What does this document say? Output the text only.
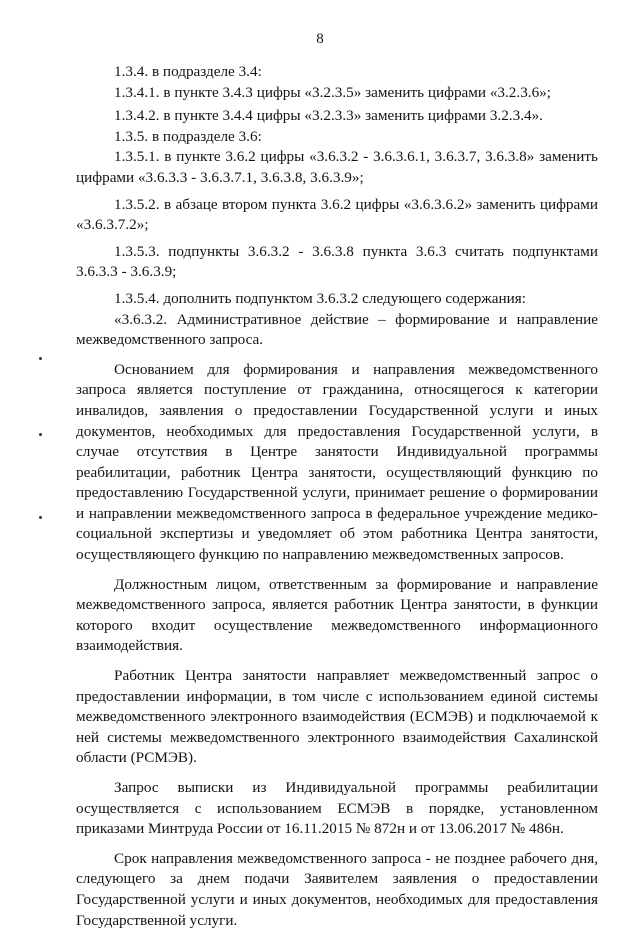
8

1.3.4. в подразделе 3.4:

1.3.4.1. в пункте 3.4.3 цифры «3.2.3.5» заменить цифрами «3.2.3.6»;

1.3.4.2. в пункте 3.4.4 цифры «3.2.3.3» заменить цифрами 3.2.3.4».

1.3.5. в подразделе 3.6:

1.3.5.1. в пункте 3.6.2 цифры «3.6.3.2 - 3.6.3.6.1, 3.6.3.7, 3.6.3.8» заменить цифрами «3.6.3.3 - 3.6.3.7.1, 3.6.3.8, 3.6.3.9»;

1.3.5.2. в абзаце втором пункта 3.6.2 цифры «3.6.3.6.2» заменить цифрами «3.6.3.7.2»;

1.3.5.3. подпункты 3.6.3.2 - 3.6.3.8 пункта 3.6.3 считать подпунктами 3.6.3.3 - 3.6.3.9;

1.3.5.4. дополнить подпунктом 3.6.3.2 следующего содержания:

«3.6.3.2. Административное действие – формирование и направление межведомственного запроса.

Основанием для формирования и направления межведомственного запроса является поступление от гражданина, относящегося к категории инвалидов, заявления о предоставлении Государственной услуги и иных документов, необходимых для предоставления Государственной услуги, в случае отсутствия в Центре занятости Индивидуальной программы реабилитации, работник Центра занятости, осуществляющий функцию по предоставлению Государственной услуги, принимает решение о формировании и направлении межведомственного запроса в федеральное учреждение медико-социальной экспертизы и уведомляет об этом работника Центра занятости, осуществляющего функцию по направлению межведомственных запросов.

Должностным лицом, ответственным за формирование и направление межведомственного запроса, является работник Центра занятости, в функции которого входит осуществление межведомственного информационного взаимодействия.

Работник Центра занятости направляет межведомственный запрос о предоставлении информации, в том числе с использованием единой системы межведомственного электронного взаимодействия (ЕСМЭВ) и подключаемой к ней системы межведомственного электронного взаимодействия Сахалинской области (РСМЭВ).

Запрос выписки из Индивидуальной программы реабилитации осуществляется с использованием ЕСМЭВ в порядке, установленном приказами Минтруда России от 16.11.2015 № 872н и от 13.06.2017 № 486н.

Срок направления межведомственного запроса - не позднее рабочего дня, следующего за днем подачи Заявителем заявления о предоставлении Государственной услуги и иных документов, необходимых для предоставления Государственной услуги.
